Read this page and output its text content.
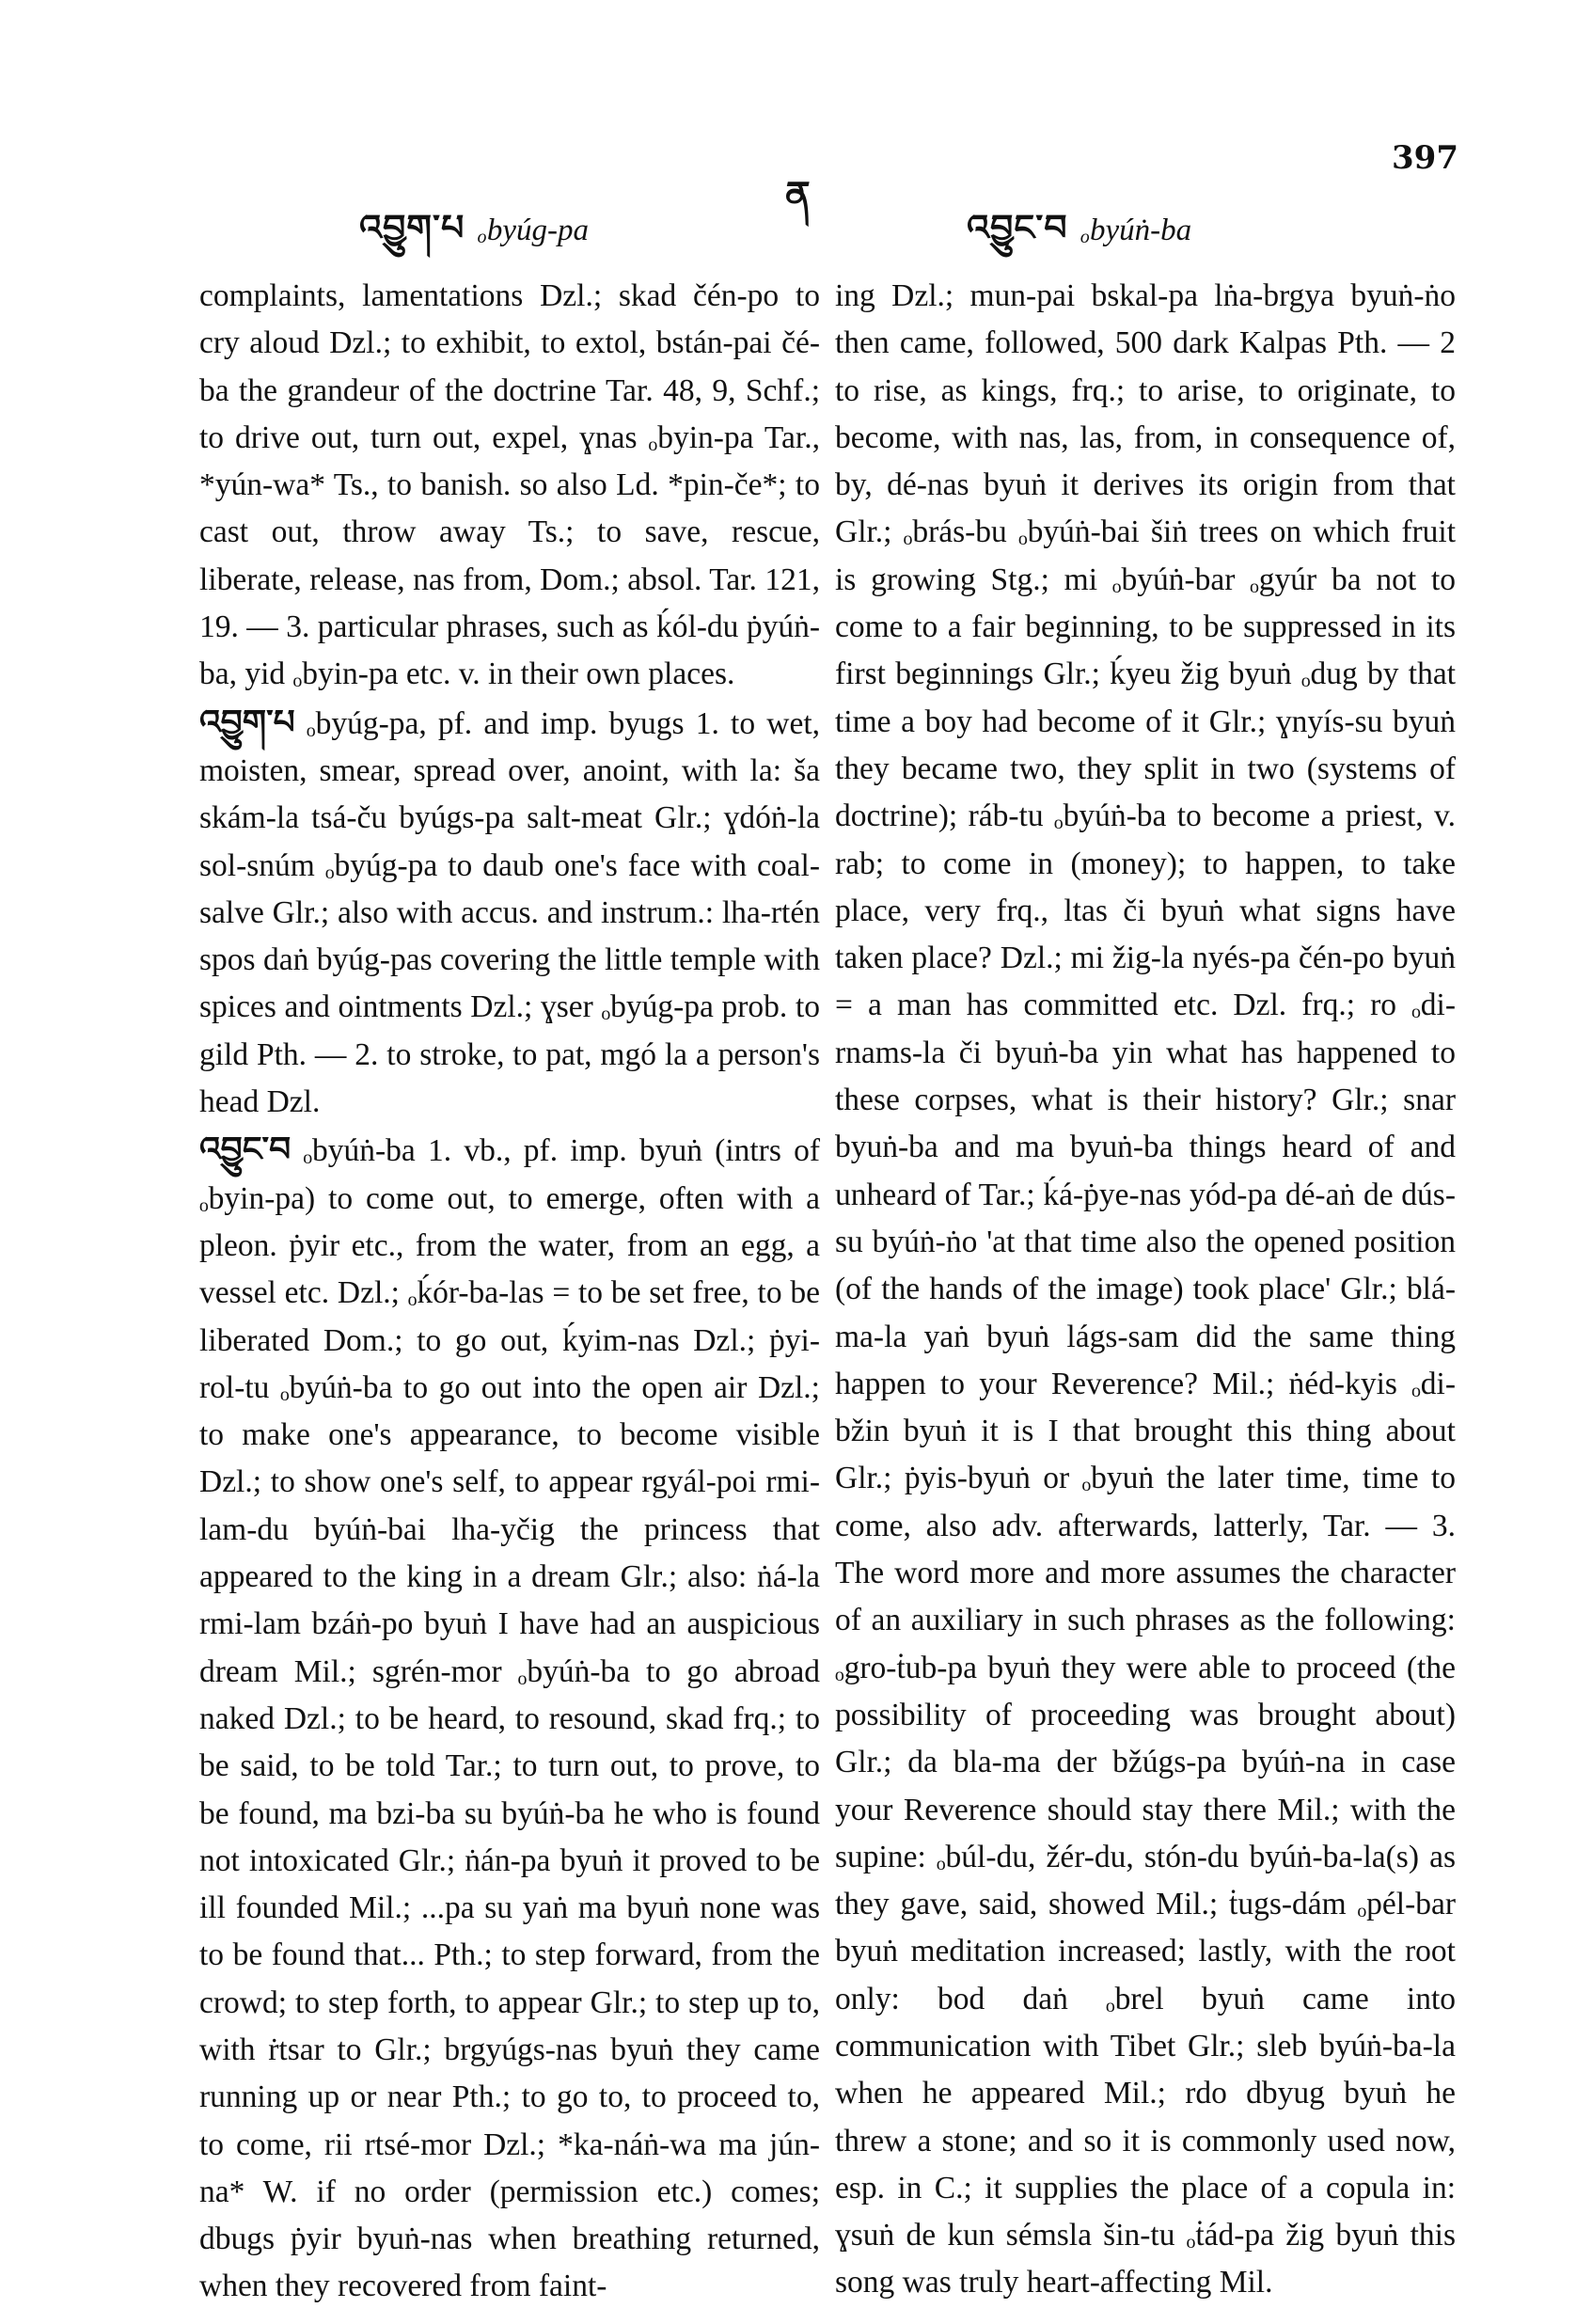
397
ན
འབྱུག་པ ₒbyúg-pa	འབྱུང་བ ₒbyúṅ-ba

complaints, lamentations Dzl.; skad čén-po to cry aloud Dzl.; to exhibit, to extol, bstán-pai čé-ba the grandeur of the doctrine Tar. 48, 9, Schf.; to drive out, turn out, expel, ɣnas ₒbyin-pa Tar., *yún-wa* Ts., to banish. so also Ld. *pin-če*; to cast out, throw away Ts.; to save, rescue, liberate, release, nas from, Dom.; absol. Tar. 121, 19. — 3. particular phrases, such as ḱól-du ṗyúṅ-ba, yid ₒbyin-pa etc. v. in their own places.

འབྱུག་པ ₒbyúg-pa, pf. and imp. byugs 1. to wet, moisten, smear, spread over, anoint, with la: ša skám-la tsá-ču byúgs-pa salt-meat Glr.; ɣdóṅ-la sol-snúm ₒbyúg-pa to daub one's face with coal-salve Glr.; also with accus. and instrum.: lha-rtén spos daṅ byúg-pas covering the little temple with spices and ointments Dzl.; ɣser ₒbyúg-pa prob. to gild Pth. — 2. to stroke, to pat, mgó la a person's head Dzl.

འབྱུང་བ ₒbyúṅ-ba 1. vb., pf. imp. byuṅ (intrs of ₒbyin-pa) to come out, to emerge, often with a pleon. ṗyir etc., from the water, from an egg, a vessel etc. Dzl.; ₒḱór-ba-las = to be set free, to be liberated Dom.; to go out, ḱyim-nas Dzl.; ṗyi-rol-tu ₒbyúṅ-ba to go out into the open air Dzl.; to make one's appearance, to become visible Dzl.; to show one's self, to appear rgyál-poi rmi-lam-du byúṅ-bai lha-yčig the princess that appeared to the king in a dream Glr.; also: ṅá-la rmi-lam bzáṅ-po byuṅ I have had an auspicious dream Mil.; sgrén-mor ₒbyúṅ-ba to go abroad naked Dzl.; to be heard, to resound, skad frq.; to be said, to be told Tar.; to turn out, to prove, to be found, ma bzi-ba su byúṅ-ba he who is found not intoxicated Glr.; ṅán-pa byuṅ it proved to be ill founded Mil.; ...pa su yaṅ ma byuṅ none was to be found that... Pth.; to step forward, from the crowd; to step forth, to appear Glr.; to step up to, with ṙtsar to Glr.; brgyúgs-nas byuṅ they came running up or near Pth.; to go to, to proceed to, to come, rii rtsé-mor Dzl.; *ka-náṅ-wa ma jún-na* W. if no order (permission etc.) comes; dbugs ṗyir byuṅ-nas when breathing returned, when they recovered from faint-

ing Dzl.; mun-pai bskal-pa lṅa-brgya byuṅ-ṅo then came, followed, 500 dark Kalpas Pth. — 2 to rise, as kings, frq.; to arise, to originate, to become, with nas, las, from, in consequence of, by, dé-nas byuṅ it derives its origin from that Glr.; ₒbrás-bu ₒbyúṅ-bai šiṅ trees on which fruit is growing Stg.; mi ₒbyúṅ-bar ₒgyúr ba not to come to a fair beginning, to be suppressed in its first beginnings Glr.; ḱyeu žig byuṅ ₒdug by that time a boy had become of it Glr.; ɣnyís-su byuṅ they became two, they split in two (systems of doctrine); ráb-tu ₒbyúṅ-ba to become a priest, v. rab; to come in (money); to happen, to take place, very frq., ltas či byuṅ what signs have taken place? Dzl.; mi žig-la nyés-pa čén-po byuṅ = a man has committed etc. Dzl. frq.; ro ₒdi-rnams-la či byuṅ-ba yin what has happened to these corpses, what is their history? Glr.; snar byuṅ-ba and ma byuṅ-ba things heard of and unheard of Tar.; ḱá-ṗye-nas yód-pa dé-aṅ de dús-su byúṅ-ṅo 'at that time also the opened position (of the hands of the image) took place' Glr.; blá-ma-la yaṅ byuṅ lágs-sam did the same thing happen to your Reverence? Mil.; ṅéd-kyis ₒdi-bžin byuṅ it is I that brought this thing about Glr.; ṗyis-byuṅ or ₒbyuṅ the later time, time to come, also adv. afterwards, latterly, Tar. — 3. The word more and more assumes the character of an auxiliary in such phrases as the following: ₒgro-ṫub-pa byuṅ they were able to proceed (the possibility of proceeding was brought about) Glr.; da bla-ma der bžúgs-pa byúṅ-na in case your Reverence should stay there Mil.; with the supine: ₒbúl-du, žér-du, stón-du byúṅ-ba-la(s) as they gave, said, showed Mil.; ṫugs-dám ₒpél-bar byuṅ meditation increased; lastly, with the root only: bod daṅ ₒbrel byuṅ came into communication with Tibet Glr.; sleb byúṅ-ba-la when he appeared Mil.; rdo dbyug byuṅ he threw a stone; and so it is commonly used now, esp. in C.; it supplies the place of a copula in: ɣsuṅ de kun sémsla šin-tu ₒṫád-pa žig byuṅ this song was truly heart-affecting Mil.
